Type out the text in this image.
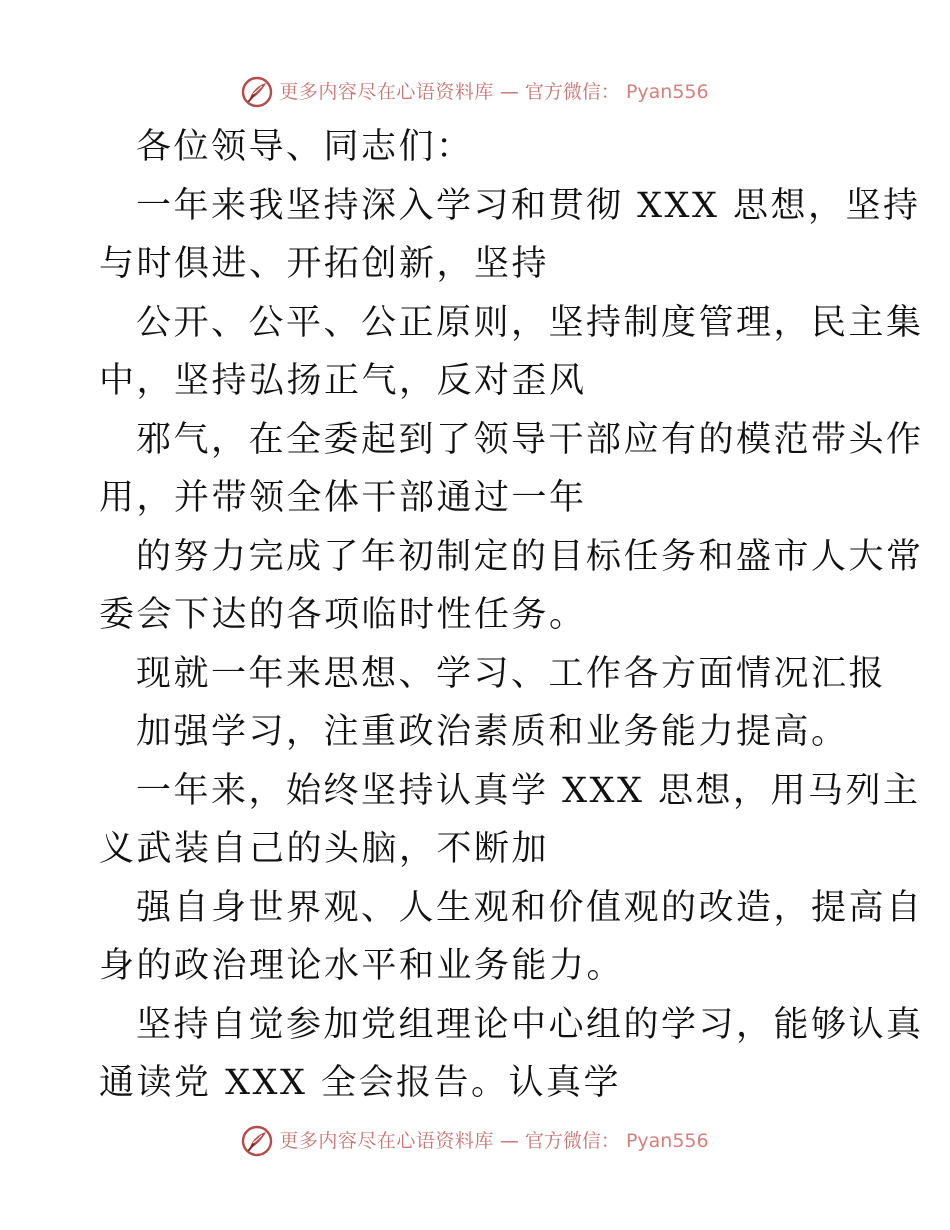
更多内容尽在心语资料库 — 官方微信： Pyan556
各位领导、同志们：
一年来我坚持深入学习和贯彻 XXX 思想，坚持
与时俱进、开拓创新，坚持
公开、公平、公正原则，坚持制度管理，民主集
中，坚持弘扬正气，反对歪风
邪气，在全委起到了领导干部应有的模范带头作
用，并带领全体干部通过一年
的努力完成了年初制定的目标任务和盛市人大常
委会下达的各项临时性任务。
现就一年来思想、学习、工作各方面情况汇报
加强学习，注重政治素质和业务能力提高。
一年来，始终坚持认真学 XXX 思想，用马列主
义武装自己的头脑，不断加
强自身世界观、人生观和价值观的改造，提高自
身的政治理论水平和业务能力。
坚持自觉参加党组理论中心组的学习，能够认真
通读党 XXX 全会报告。认真学
更多内容尽在心语资料库 — 官方微信： Pyan556
